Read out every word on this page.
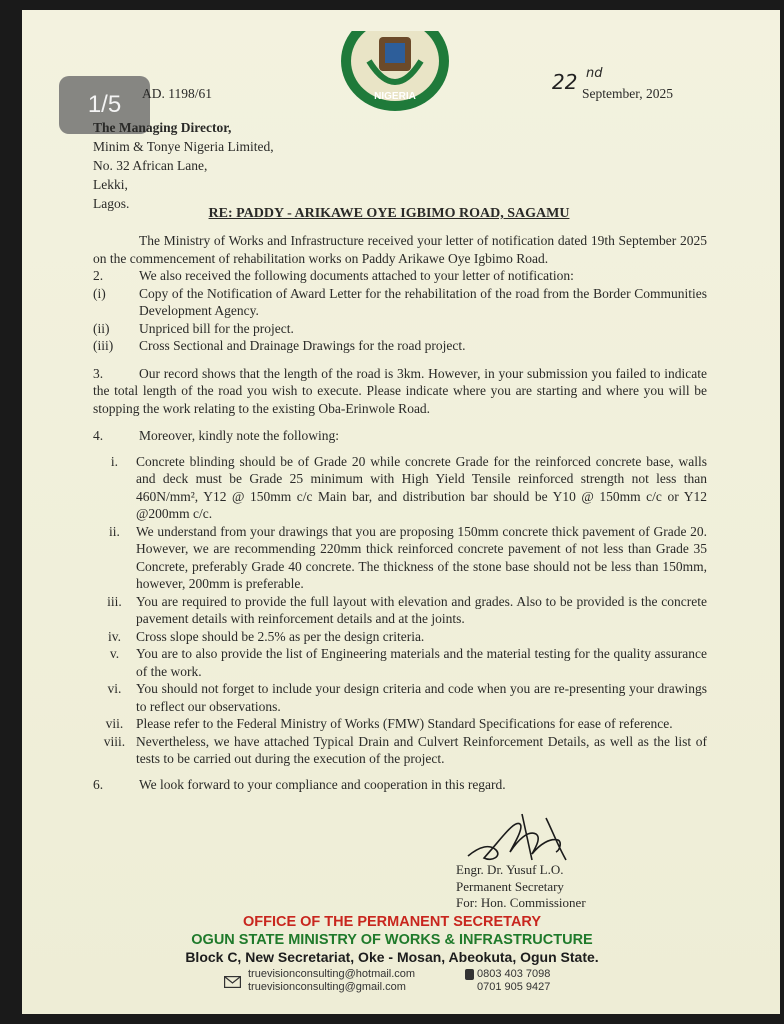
NIGERIA
1/5	AD. 1198/61	22 nd
September, 2025
The Managing Director,
Minim & Tonye Nigeria Limited,
No. 32 African Lane,
Lekki,
Lagos.
RE: PADDY - ARIKAWE OYE IGBIMO ROAD, SAGAMU

The Ministry of Works and Infrastructure received your letter of notification dated 19th September 2025 on the commencement of rehabilitation works on Paddy Arikawe Oye Igbimo Road.

2.	We also received the following documents attached to your letter of notification:
(i)	Copy of the Notification of Award Letter for the rehabilitation of the road from the Border Communities Development Agency.
(ii)	Unpriced bill for the project.
(iii)	Cross Sectional and Drainage Drawings for the road project.
3.	Our record shows that the length of the road is 3km. However, in your submission you failed to indicate the total length of the road you wish to execute. Please indicate where you are starting and where you will be stopping the work relating to the existing Oba-Erinwole Road.
4.	Moreover, kindly note the following:
i.	Concrete blinding should be of Grade 20 while concrete Grade for the reinforced concrete base, walls and deck must be Grade 25 minimum with High Yield Tensile reinforced strength not less than 460N/mm², Y12 @ 150mm c/c Main bar, and distribution bar should be Y10 @ 150mm c/c or Y12 @200mm c/c.
ii.	We understand from your drawings that you are proposing 150mm concrete thick pavement of Grade 20. However, we are recommending 220mm thick reinforced concrete pavement of not less than Grade 35 Concrete, preferably Grade 40 concrete. The thickness of the stone base should not be less than 150mm, however, 200mm is preferable.
iii.	You are required to provide the full layout with elevation and grades. Also to be provided is the concrete pavement details with reinforcement details and at the joints.
iv.	Cross slope should be 2.5% as per the design criteria.
v.	You are to also provide the list of Engineering materials and the material testing for the quality assurance of the work.
vi.	You should not forget to include your design criteria and code when you are re-presenting your drawings to reflect our observations.
vii. Please refer to the Federal Ministry of Works (FMW) Standard Specifications for ease of reference.
viii. Nevertheless, we have attached Typical Drain and Culvert Reinforcement Details, as well as the list of tests to be carried out during the execution of the project.
6.	We look forward to your compliance and cooperation in this regard.
Engr. Dr. Yusuf L.O.
Permanent Secretary
For: Hon. Commissioner
OFFICE OF THE PERMANENT SECRETARY
OGUN STATE MINISTRY OF WORKS & INFRASTRUCTURE
Block C, New Secretariat, Oke - Mosan, Abeokuta, Ogun State.
truevisionconsulting@hotmail.com
truevisionconsulting@gmail.com
0803 403 7098
0701 905 9427
